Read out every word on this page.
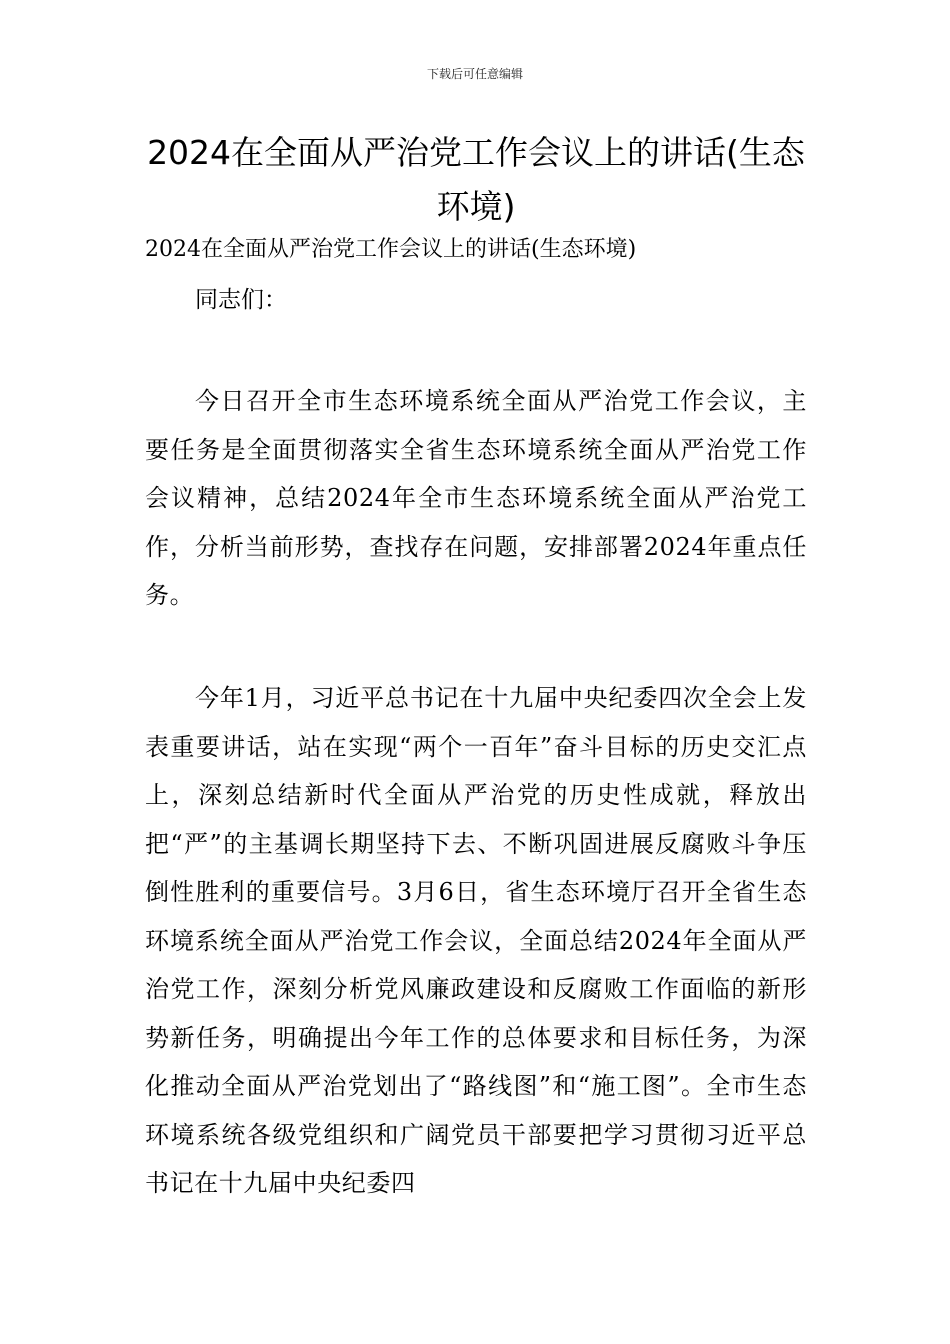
下载后可任意编辑
2024在全面从严治党工作会议上的讲话(生态环境)
2024在全面从严治党工作会议上的讲话(生态环境)
同志们：

今日召开全市生态环境系统全面从严治党工作会议，主要任务是全面贯彻落实全省生态环境系统全面从严治党工作会议精神，总结2024年全市生态环境系统全面从严治党工作，分析当前形势，查找存在问题，安排部署2024年重点任务。

今年1月，习近平总书记在十九届中央纪委四次全会上发表重要讲话，站在实现“两个一百年”奋斗目标的历史交汇点上，深刻总结新时代全面从严治党的历史性成就，释放出把“严”的主基调长期坚持下去、不断巩固进展反腐败斗争压倒性胜利的重要信号。3月6日，省生态环境厅召开全省生态环境系统全面从严治党工作会议，全面总结2024年全面从严治党工作，深刻分析党风廉政建设和反腐败工作面临的新形势新任务，明确提出今年工作的总体要求和目标任务，为深化推动全面从严治党划出了“路线图”和“施工图”。全市生态环境系统各级党组织和广阔党员干部要把学习贯彻习近平总书记在十九届中央纪委四
